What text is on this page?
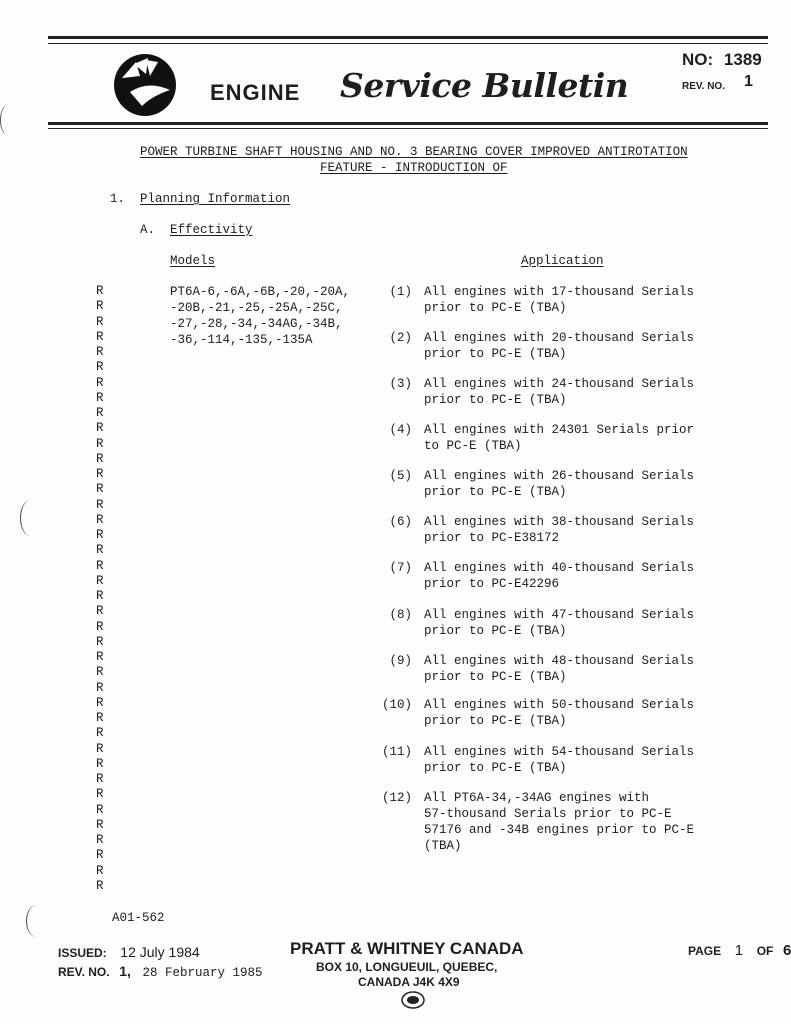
ENGINE Service Bulletin
NO: 1389
REV. NO. 1
POWER TURBINE SHAFT HOUSING AND NO. 3 BEARING COVER IMPROVED ANTIROTATION
FEATURE - INTRODUCTION OF
1. Planning Information
A. Effectivity
Models	Application
R
R
R
R
R
R
R
R
R
R
R
R
R
R
R
R
R
R
R
R
R
R
R
R
R
R
R
R
R
R
R
R
R
R
R
R
R
R
R
R
PT6A-6,-6A,-6B,-20,-20A,
-20B,-21,-25,-25A,-25C,
-27,-28,-34,-34AG,-34B,
-36,-114,-135,-135A
(1) All engines with 17-thousand Serials
prior to PC-E (TBA)
(2) All engines with 20-thousand Serials
prior to PC-E (TBA)
(3) All engines with 24-thousand Serials
prior to PC-E (TBA)
(4) All engines with 24301 Serials prior
to PC-E (TBA)
(5) All engines with 26-thousand Serials
prior to PC-E (TBA)
(6) All engines with 38-thousand Serials
prior to PC-E38172
(7) All engines with 40-thousand Serials
prior to PC-E42296
(8) All engines with 47-thousand Serials
prior to PC-E (TBA)
(9) All engines with 48-thousand Serials
prior to PC-E (TBA)
(10) All engines with 50-thousand Serials
prior to PC-E (TBA)
(11) All engines with 54-thousand Serials
prior to PC-E (TBA)
(12) All PT6A-34,-34AG engines with
57-thousand Serials prior to PC-E
57176 and -34B engines prior to PC-E
(TBA)
A01-562
ISSUED: 12 July 1984
REV. NO. 1, 28 February 1985
PRATT & WHITNEY CANADA
BOX 10, LONGUEUIL, QUEBEC,
CANADA J4K 4X9
PAGE 1 OF 6
